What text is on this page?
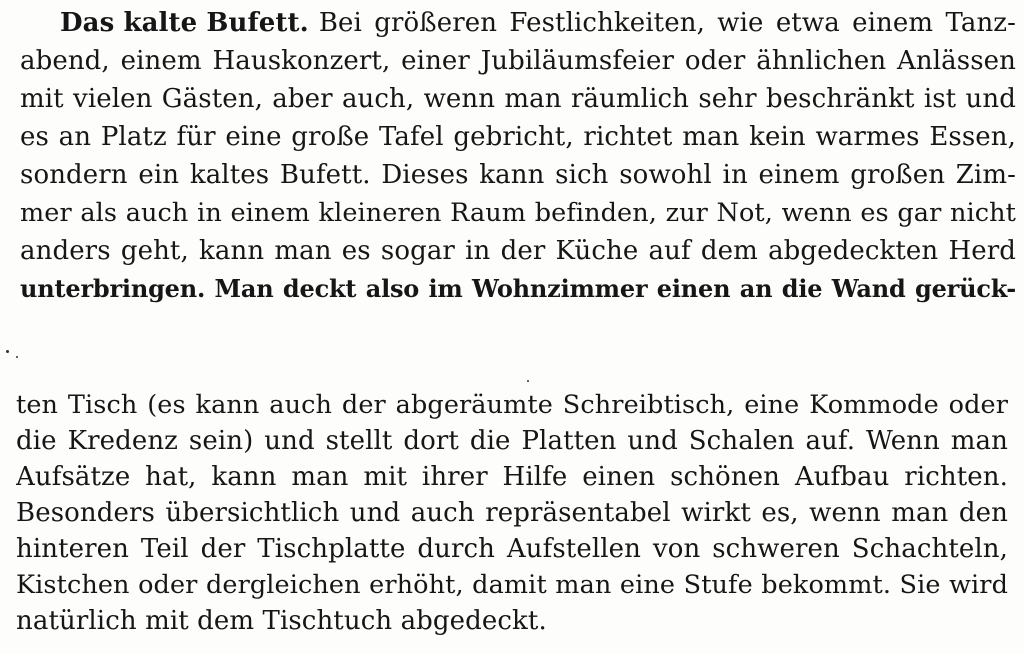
Das kalte Bufett. Bei größeren Festlichkeiten, wie etwa einem Tanz-
abend, einem Hauskonzert, einer Jubiläumsfeier oder ähnlichen Anlässen
mit vielen Gästen, aber auch, wenn man räumlich sehr beschränkt ist und
es an Platz für eine große Tafel gebricht, richtet man kein warmes Essen,
sondern ein kaltes Bufett. Dieses kann sich sowohl in einem großen Zim-
mer als auch in einem kleineren Raum befinden, zur Not, wenn es gar nicht
anders geht, kann man es sogar in der Küche auf dem abgedeckten Herd
unterbringen. Man deckt also im Wohnzimmer einen an die Wand gerück-
ten Tisch (es kann auch der abgeräumte Schreibtisch, eine Kommode oder
die Kredenz sein) und stellt dort die Platten und Schalen auf. Wenn man
Aufsätze hat, kann man mit ihrer Hilfe einen schönen Aufbau richten.
Besonders übersichtlich und auch repräsentabel wirkt es, wenn man den
hinteren Teil der Tischplatte durch Aufstellen von schweren Schachteln,
Kistchen oder dergleichen erhöht, damit man eine Stufe bekommt. Sie wird
natürlich mit dem Tischtuch abgedeckt.
